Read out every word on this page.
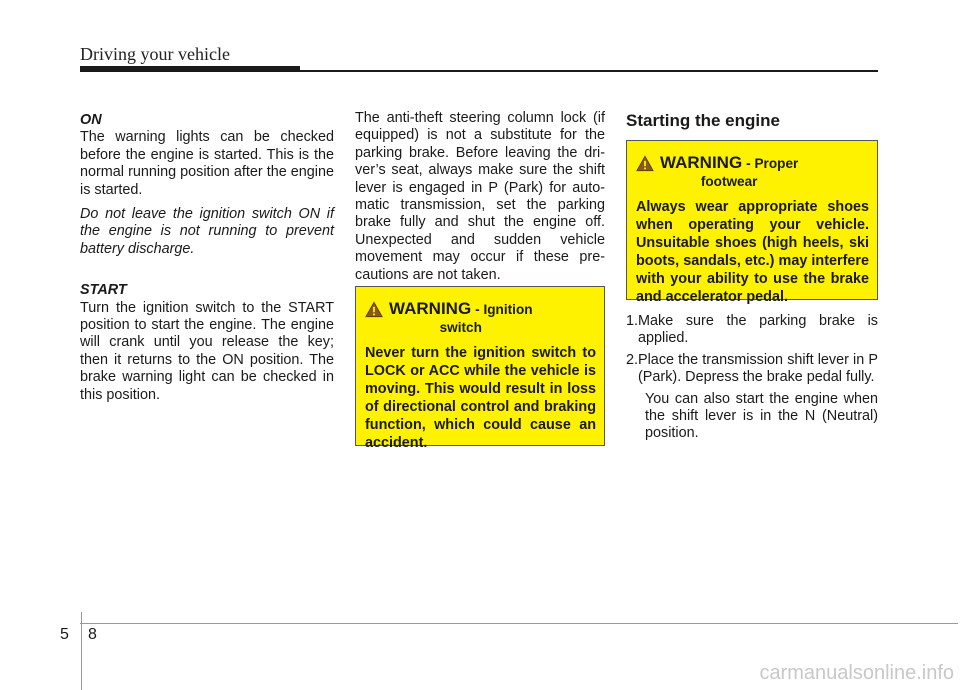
Driving your vehicle

ON

The warning lights can be checked before the engine is started. This is the normal running position after the engine is started.

Do not leave the ignition switch ON if the engine is not running to prevent battery discharge.

START

Turn the ignition switch to the START position to start the engine. The engine will crank until you release the key; then it returns to the ON position. The brake warning light can be checked in this position.

The anti-theft steering column lock (if equipped) is not a substitute for the parking brake. Before leaving the dri-ver’s seat, always make sure the shift lever is engaged in P (Park) for auto-matic transmission, set the parking brake fully and shut the engine off. Unexpected and sudden vehicle movement may occur if these pre-cautions are not taken.

WARNING - Ignition
switch

Never turn the ignition switch to LOCK or ACC while the vehicle is moving. This would result in loss of directional control and braking function, which could cause an accident.

Starting the engine
WARNING - Proper
footwear

Always wear appropriate shoes when operating your vehicle. Unsuitable shoes (high heels, ski boots, sandals, etc.) may interfere with your ability to use the brake and accelerator pedal.

1. Make sure the parking brake is applied.
2. Place the transmission shift lever in P (Park). Depress the brake pedal fully.
You can also start the engine when the shift lever is in the N (Neutral) position.
5 8
carmanualsonline.info
